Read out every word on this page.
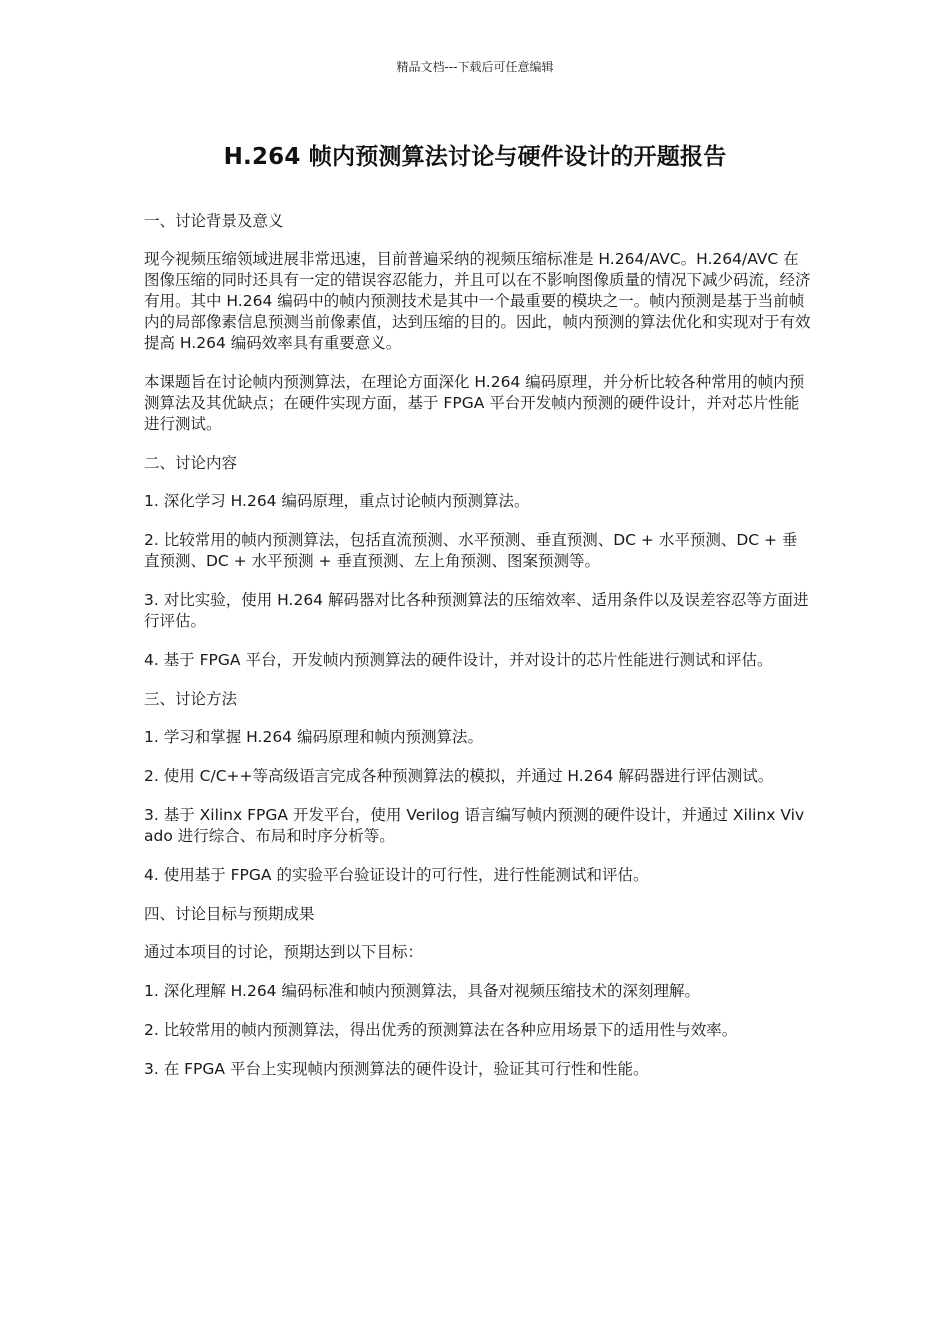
精品文档---下载后可任意编辑
H.264 帧内预测算法讨论与硬件设计的开题报告

一、讨论背景及意义

现今视频压缩领域进展非常迅速，目前普遍采纳的视频压缩标准是 H.264/AVC。H.264/AVC 在图像压缩的同时还具有一定的错误容忍能力，并且可以在不影响图像质量的情况下减少码流，经济有用。其中 H.264 编码中的帧内预测技术是其中一个最重要的模块之一。帧内预测是基于当前帧内的局部像素信息预测当前像素值，达到压缩的目的。因此，帧内预测的算法优化和实现对于有效提高 H.264 编码效率具有重要意义。

本课题旨在讨论帧内预测算法，在理论方面深化 H.264 编码原理，并分析比较各种常用的帧内预测算法及其优缺点；在硬件实现方面，基于 FPGA 平台开发帧内预测的硬件设计，并对芯片性能进行测试。

二、讨论内容

1. 深化学习 H.264 编码原理，重点讨论帧内预测算法。

2. 比较常用的帧内预测算法，包括直流预测、水平预测、垂直预测、DC + 水平预测、DC + 垂直预测、DC + 水平预测 + 垂直预测、左上角预测、图案预测等。

3. 对比实验，使用 H.264 解码器对比各种预测算法的压缩效率、适用条件以及误差容忍等方面进行评估。

4. 基于 FPGA 平台，开发帧内预测算法的硬件设计，并对设计的芯片性能进行测试和评估。

三、讨论方法

1. 学习和掌握 H.264 编码原理和帧内预测算法。

2. 使用 C/C++等高级语言完成各种预测算法的模拟，并通过 H.264 解码器进行评估测试。

3. 基于 Xilinx FPGA 开发平台，使用 Verilog 语言编写帧内预测的硬件设计，并通过 Xilinx Vivado 进行综合、布局和时序分析等。

4. 使用基于 FPGA 的实验平台验证设计的可行性，进行性能测试和评估。

四、讨论目标与预期成果

通过本项目的讨论，预期达到以下目标：

1. 深化理解 H.264 编码标准和帧内预测算法，具备对视频压缩技术的深刻理解。

2. 比较常用的帧内预测算法，得出优秀的预测算法在各种应用场景下的适用性与效率。

3. 在 FPGA 平台上实现帧内预测算法的硬件设计，验证其可行性和性能。
